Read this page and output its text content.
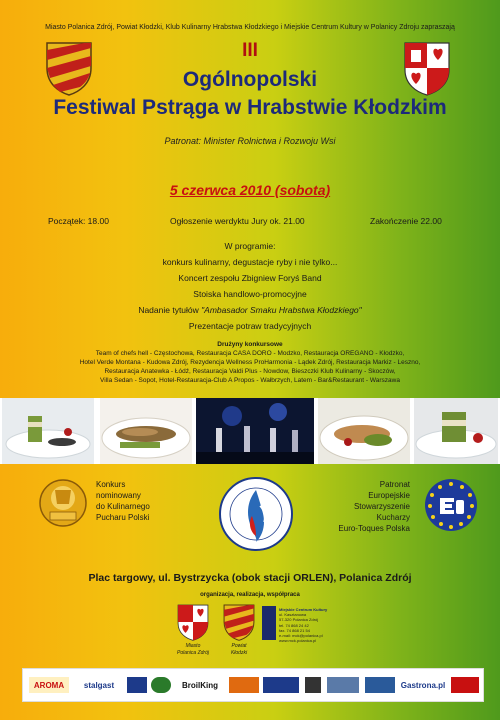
Miasto Polanica Zdrój, Powiat Kłodzki, Klub Kulinarny Hrabstwa Kłodzkiego i Miejskie Centrum Kultury w Polanicy Zdroju zapraszają
III
Ogólnopolski
Festiwal Pstrąga w Hrabstwie Kłodzkim
Patronat: Minister Rolnictwa i Rozwoju Wsi
5 czerwca 2010 (sobota)
Początek: 18.00	Ogłoszenie werdyktu Jury ok. 21.00	Zakończenie 22.00
W programie:
konkurs kulinarny, degustacje ryby i nie tylko...
Koncert zespołu Zbigniew Foryś Band
Stoiska handlowo-promocyjne
Nadanie tytułów "Ambasador Smaku Hrabstwa Kłodzkiego"
Prezentacje potraw tradycyjnych
Drużyny konkursowe
Team of chefs hell - Częstochowa, Restauracja CASA DORO - Modzko, Restauracja OREGANO - Kłodzko,
Hotel Verde Montana - Kudowa Zdrój, Rezydencja Wellness ProHarmonia - Lądek Zdrój, Restauracja Markiz - Leszno,
Restauracja Anatewka - Łódź, Restauracja Valdi Plus - Nowdow, Bieszczki Klub Kulinarny - Skoczów,
Villa Sedan - Sopot, Hotel-Restauracja-Club A Propos - Wałbrzych, Latem - Bar&Restaurant - Warszawa
Konkurs
nominowany
do Kulinarnego
Pucharu Polski
Patronat
Europejskie
Stowarzyszenie
Kucharzy
Euro-Toques Polska
Plac targowy, ul. Bystrzycka (obok stacji ORLEN), Polanica Zdrój
organizacja, realizacja, współpraca
Miasto
Polanica Zdrój
Powiat
Kłodzki
Miejskie Centrum Kultury
ul. Kasztanowa
57-320 Polanica Zdrój
tel. 74 868 24 42
fax. 74 868 21 54
e-mail: mck@polanica.pl
www.mck.polanica.pl
AROMA	stalgast	BroilKing	Gastrona.pl
